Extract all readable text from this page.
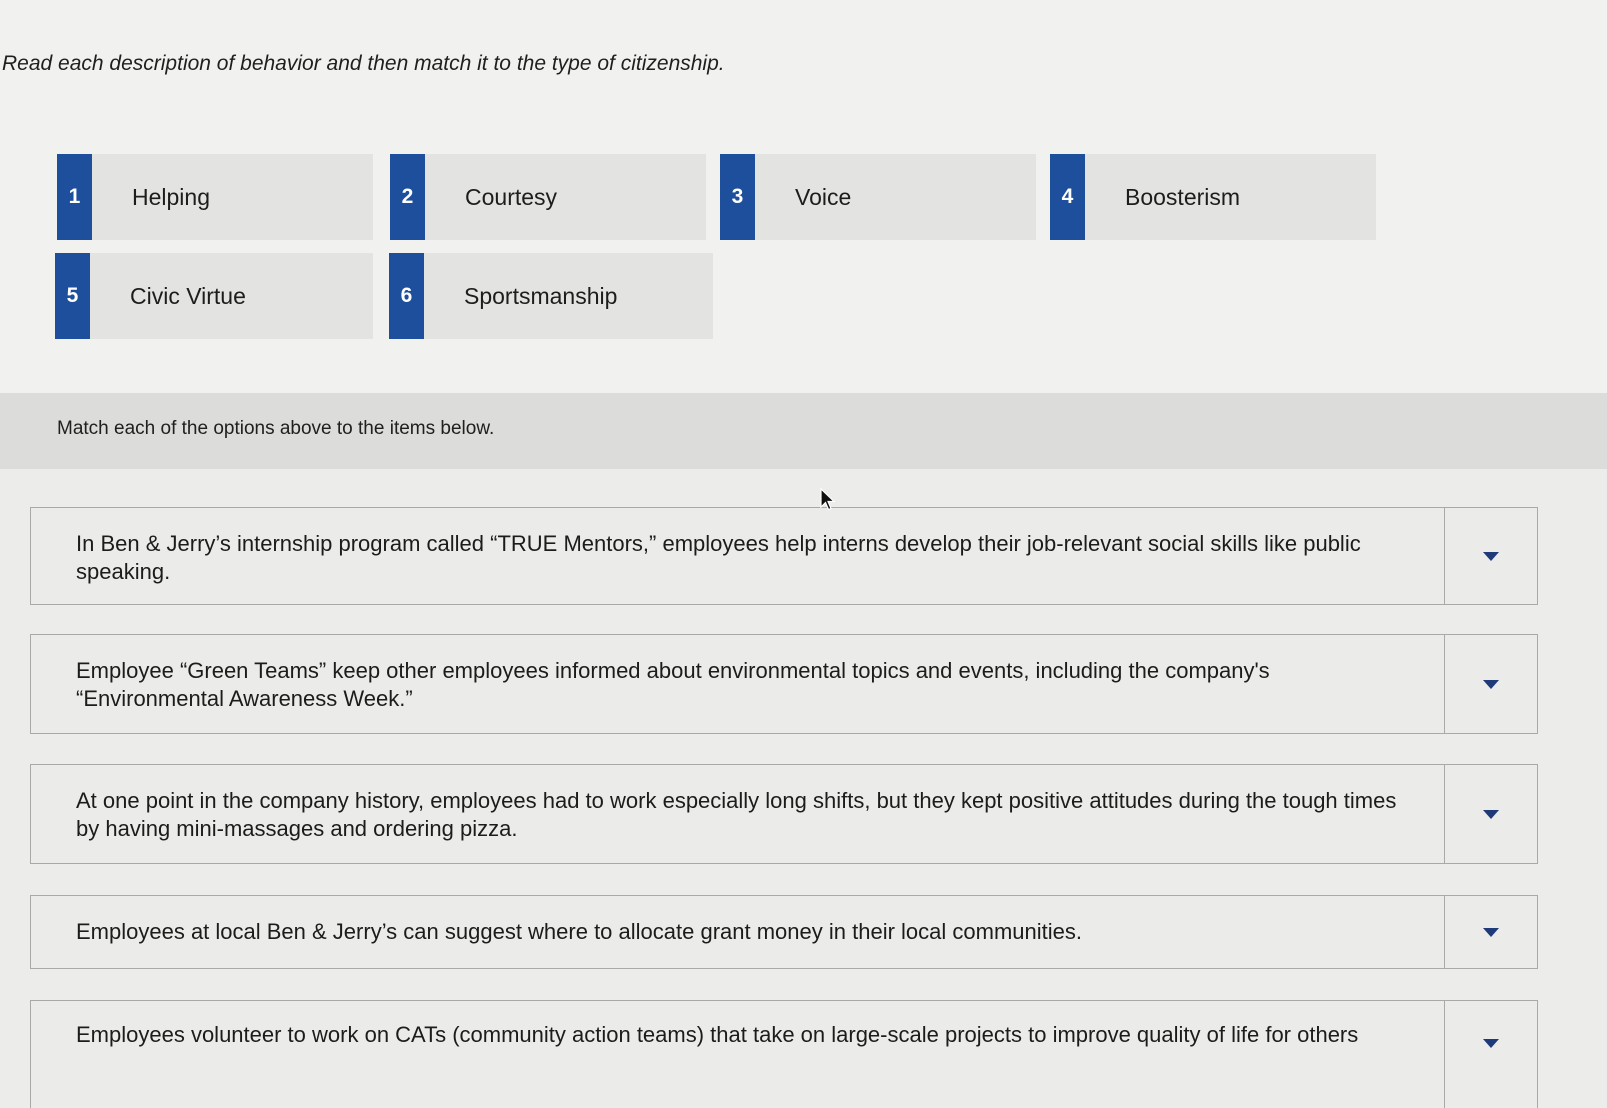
Read each description of behavior and then match it to the type of citizenship.
1	Helping	2	Courtesy	3	Voice	4	Boosterism
5	Civic Virtue	6	Sportsmanship
Match each of the options above to the items below.
In Ben & Jerry’s internship program called “TRUE Mentors,” employees help interns develop their job-relevant social skills like public speaking.
Employee “Green Teams” keep other employees informed about environmental topics and events, including the company's “Environmental Awareness Week.”
At one point in the company history, employees had to work especially long shifts, but they kept positive attitudes during the tough times by having mini-massages and ordering pizza.
Employees at local Ben & Jerry’s can suggest where to allocate grant money in their local communities.
Employees volunteer to work on CATs (community action teams) that take on large-scale projects to improve quality of life for others
